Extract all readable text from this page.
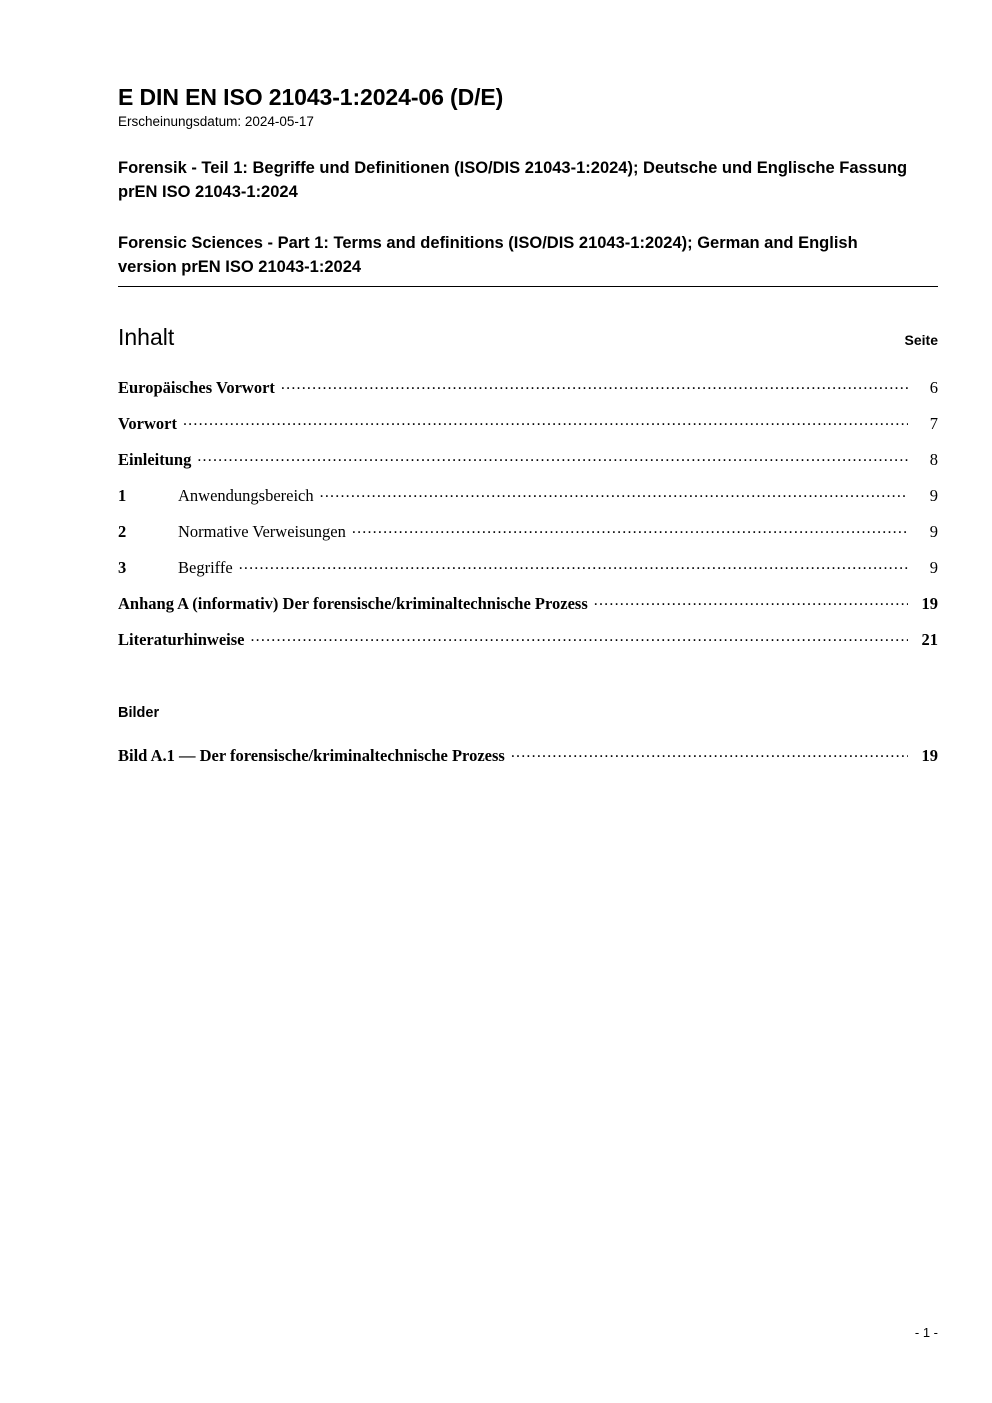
E DIN EN ISO 21043-1:2024-06 (D/E)
Erscheinungsdatum: 2024-05-17
Forensik - Teil 1: Begriffe und Definitionen (ISO/DIS 21043-1:2024); Deutsche und Englische Fassung prEN ISO 21043-1:2024
Forensic Sciences - Part 1: Terms and definitions (ISO/DIS 21043-1:2024); German and English version prEN ISO 21043-1:2024
Inhalt	Seite
Europäisches Vorwort .....	6
Vorwort .....	7
Einleitung .....	8
1	Anwendungsbereich .....	9
2	Normative Verweisungen .....	9
3	Begriffe .....	9
Anhang A (informativ) Der forensische/kriminaltechnische Prozess .....	19
Literaturhinweise .....	21
Bilder
Bild A.1 — Der forensische/kriminaltechnische Prozess .....	19
- 1 -
